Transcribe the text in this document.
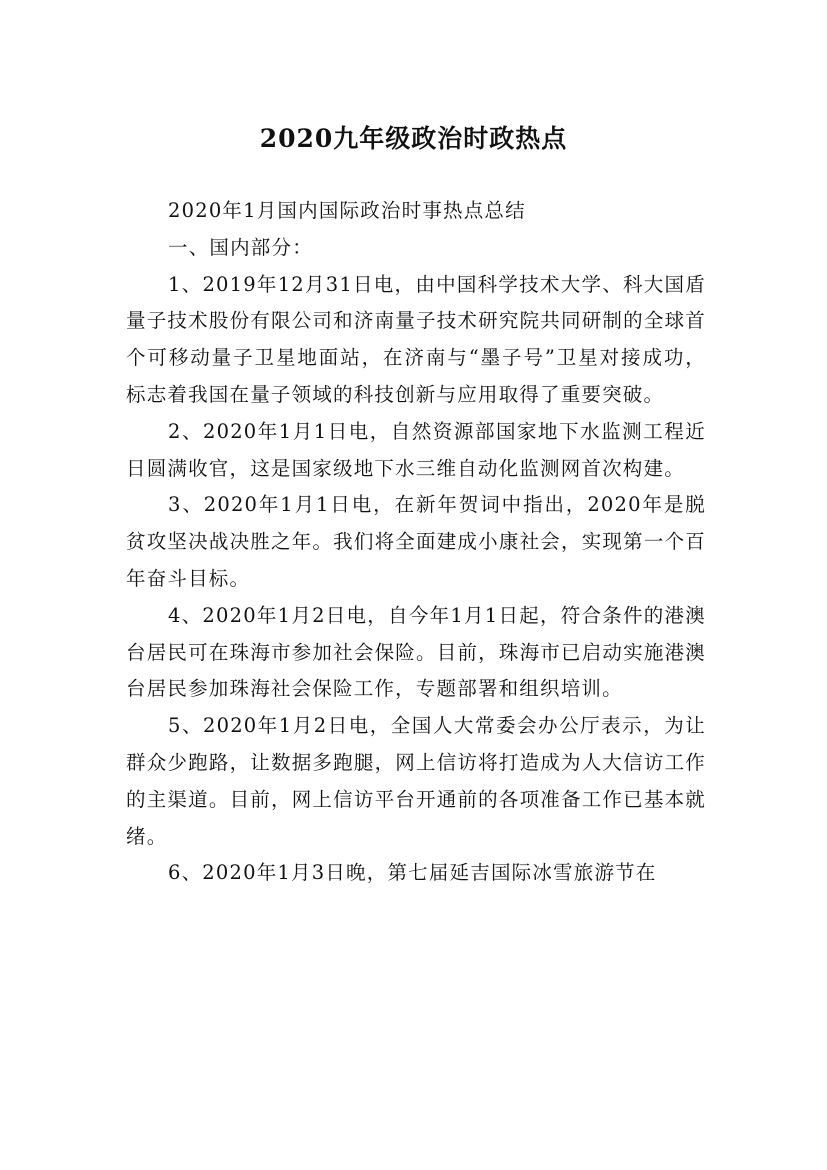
2020九年级政治时政热点

2020年1月国内国际政治时事热点总结

一、国内部分：

1、2019年12月31日电，由中国科学技术大学、科大国盾量子技术股份有限公司和济南量子技术研究院共同研制的全球首个可移动量子卫星地面站，在济南与“墨子号”卫星对接成功，标志着我国在量子领域的科技创新与应用取得了重要突破。

2、2020年1月1日电，自然资源部国家地下水监测工程近日圆满收官，这是国家级地下水三维自动化监测网首次构建。

3、2020年1月1日电，在新年贺词中指出，2020年是脱贫攻坚决战决胜之年。我们将全面建成小康社会，实现第一个百年奋斗目标。

4、2020年1月2日电，自今年1月1日起，符合条件的港澳台居民可在珠海市参加社会保险。目前，珠海市已启动实施港澳台居民参加珠海社会保险工作，专题部署和组织培训。

5、2020年1月2日电，全国人大常委会办公厅表示，为让群众少跑路，让数据多跑腿，网上信访将打造成为人大信访工作的主渠道。目前，网上信访平台开通前的各项准备工作已基本就绪。

6、2020年1月3日晚，第七届延吉国际冰雪旅游节在
